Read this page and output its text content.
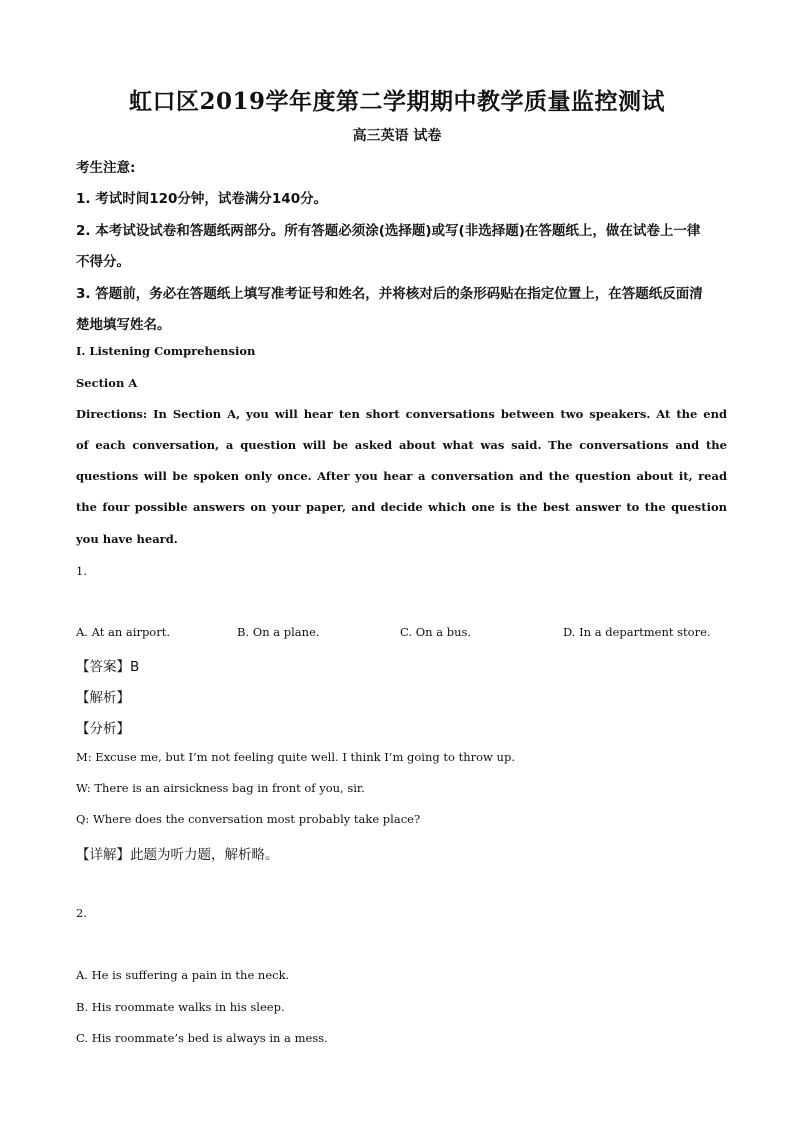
虹口区2019学年度第二学期期中教学质量监控测试
高三英语 试卷
考生注意:
1. 考试时间120分钟，试卷满分140分。
2. 本考试设试卷和答题纸两部分。所有答题必须涂(选择题)或写(非选择题)在答题纸上，做在试卷上一律
不得分。
3. 答题前，务必在答题纸上填写准考证号和姓名，并将核对后的条形码贴在指定位置上，在答题纸反面清
楚地填写姓名。
I. Listening Comprehension
Section A
Directions: In Section A, you will hear ten short conversations between two speakers. At the end
of each conversation, a question will be asked about what was said. The conversations and the
questions will be spoken only once. After you hear a conversation and the question about it, read
the four possible answers on your paper, and decide which one is the best answer to the question
you have heard.
1.
A. At an airport.	B. On a plane.	C. On a bus.	D. In a department store.
【答案】B
【解析】
【分析】
M: Excuse me, but I’m not feeling quite well. I think I’m going to throw up.
W: There is an airsickness bag in front of you, sir.
Q: Where does the conversation most probably take place?
【详解】此题为听力题，解析略。
2.
A. He is suffering a pain in the neck.
B. His roommate walks in his sleep.
C. His roommate’s bed is always in a mess.
